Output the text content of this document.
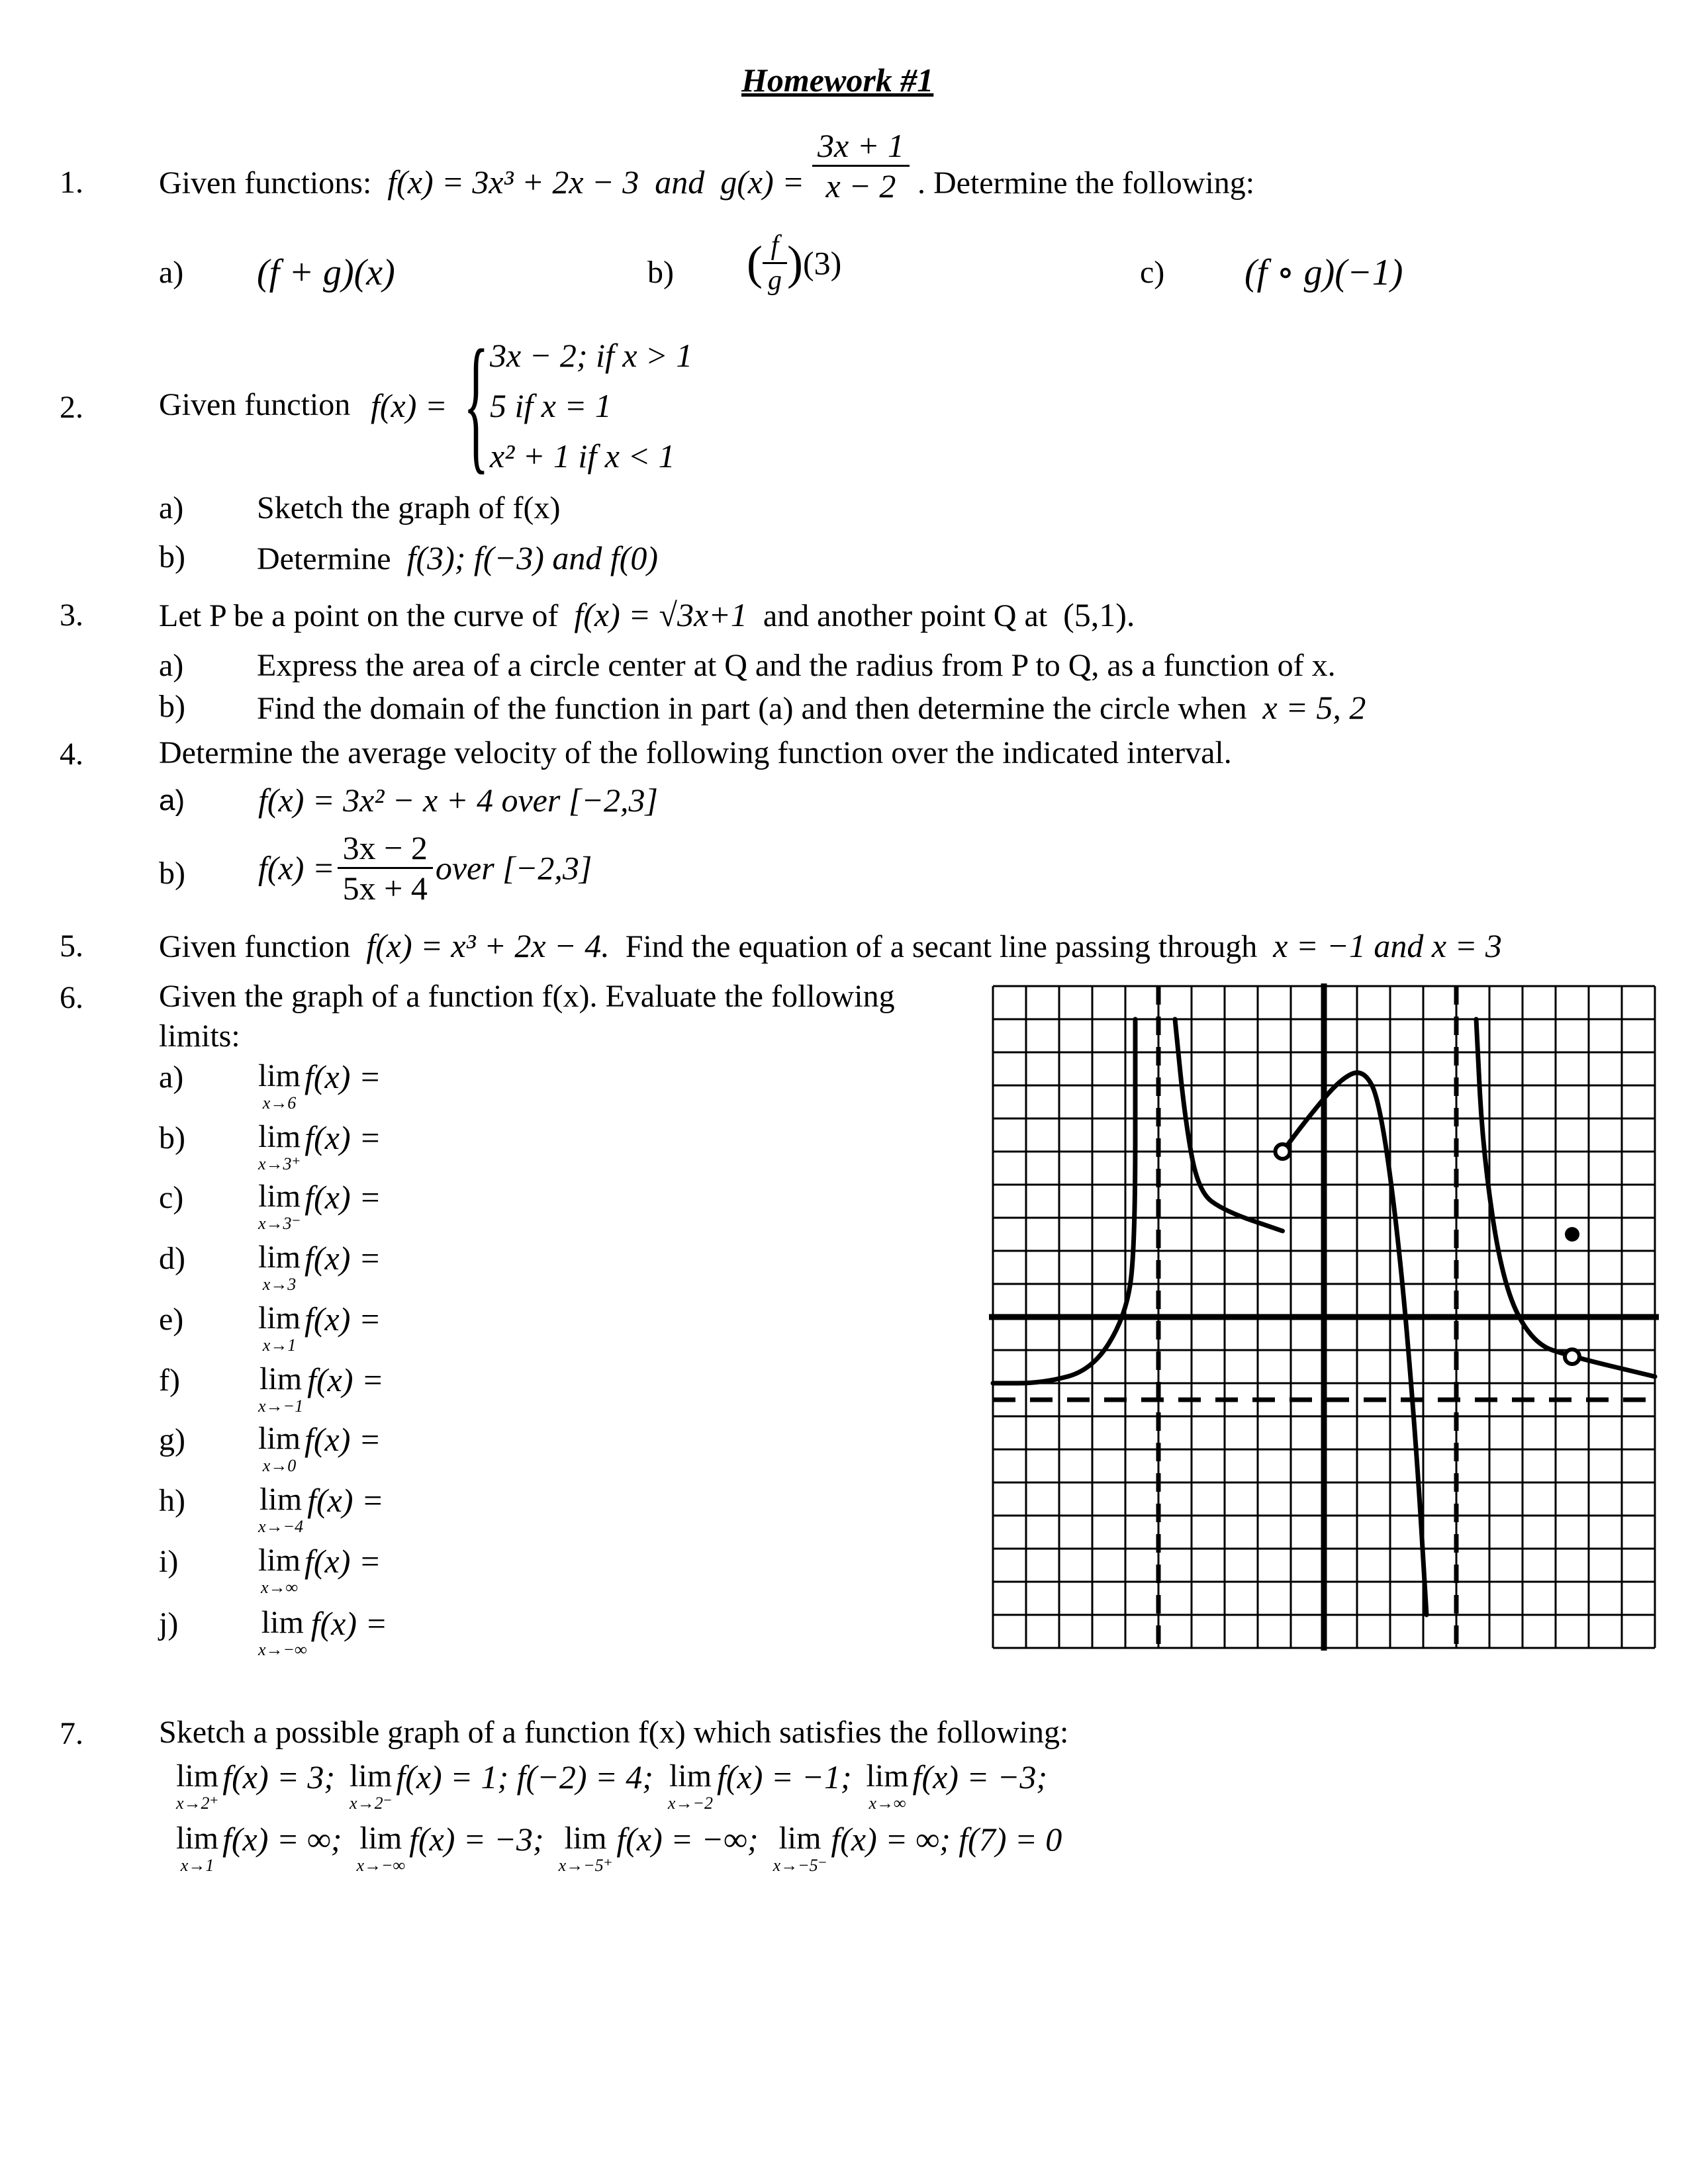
Homework #1
1. Given functions: f(x) = 3x³ + 2x − 3 and $g(x) = \frac{3x + 1}{x - 2}$ . Determine the following:
a) (f + g)(x)	b) ( $\frac{f}{g} )(3)$	c) (f ∘ g)(−1)
2. Given function f(x) = { 3x − 2; if x > 1
5 if x = 1
x² + 1 if x < 1
a) Sketch the graph of f(x)
b) Determine f(3); f(−3) and f(0)
3. Let P be a point on the curve of f(x) = √3x+1 and another point Q at (5,1).
a) Express the area of a circle center at Q and the radius from P to Q, as a function of x.
b) Find the domain of the function in part (a) and then determine the circle when x = 5, 2
4. Determine the average velocity of the following function over the indicated interval.
a) f(x) = 3x² − x + 4 over [−2,3]
b) $f(x) = \frac{3x - 2}{5x + 4}$ over [−2,3]
5. Given function f(x) = x³ + 2x − 4. Find the equation of a secant line passing through x = −1 and x = 3
6. Given the graph of a function f(x). Evaluate the following
limits:
a) lim
x→6
f(x) =
b) lim
x→3⁺
f(x) =
c) lim
x→3⁻
f(x) =
d) lim
x→3
f(x) =
e) lim
x→1
f(x) =
f)	lim
x→−1
f(x) =
g) lim
x→0
f(x) =
h) lim
x→−4
f(x) =
i)	lim
x→∞
f(x) =
j)	lim
x→−∞
f(x) =
7. Sketch a possible graph of a function f(x) which satisfies the following:
lim
x→2⁺
f(x) = 3; lim
x→2⁻
f(x) = 1; f(−2) = 4; lim
x→−2
f(x) = −1; lim
x→∞
f(x) = −3;
lim
x→1
f(x) = ∞; lim
x→−∞
f(x) = −3; lim
x→−5⁺
f(x) = −∞; lim
x→−5⁻
f(x) = ∞; f(7) = 0
